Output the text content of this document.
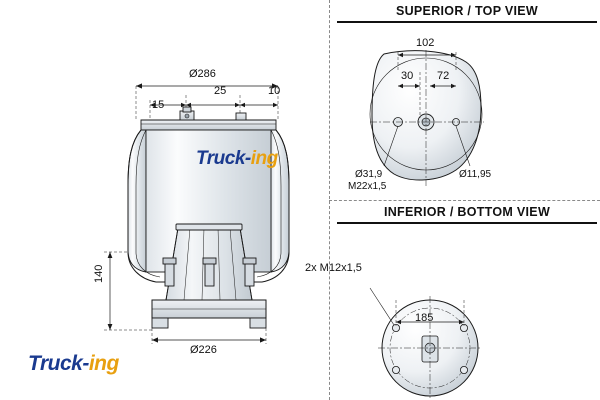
SUPERIOR / TOP VIEW
INFERIOR / BOTTOM VIEW
Ø286
15
25	10
140
Ø226
102
30 72
Ø31,9
M22x1,5
Ø11,95
2x M12x1,5
185
Truck-ing
Truck-ing
